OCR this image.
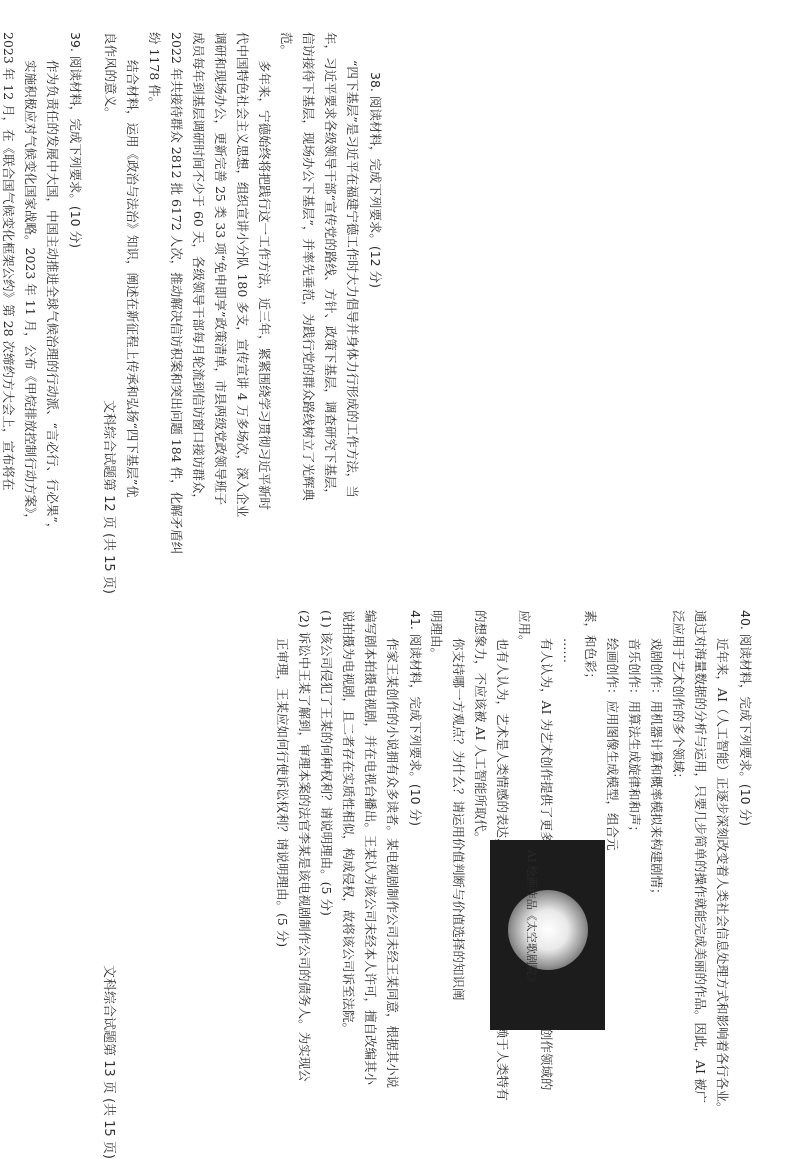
38. 阅读材料，完成下列要求。(12 分)
“四下基层”是习近平在福建宁德工作时大力倡导并身体力行形成的工作方法，当
年，习近平要求各级领导干部“宣传党的路线、方针、政策下基层，调查研究下基层，
信访接待下基层，现场办公下基层”，并率先垂范，为践行党的群众路线树立了光辉典
范。
多年来，宁德始终将把践行这一工作方法，近三年，紧紧围绕学习贯彻习近平新时
代中国特色社会主义思想，组织宣讲小分队 180 多支，宣传宣讲 4 万多场次，深入企业
调研和现场办公，更新完善 25 类 33 项“免申即享”政策清单，市县两级党政领导班子
成员每年到基层调研时间不少于 60 天，各级领导干部每月轮流到信访窗口接访群众，
2022 年共接待群众 2812 批 6172 人次，推动解决信访积案和突出问题 184 件，化解矛盾纠
纷 1178 件。
结合材料，运用《政治与法治》知识，阐述在新征程上传承和弘扬“四下基层”优
良作风的意义。
39. 阅读材料，完成下列要求。(10 分)
作为负责任的发展中大国，中国主动推进全球气候治理的行动派、“言必行、行必果”，
实施积极应对气候变化国家战略。2023 年 11 月，公布《甲烷排放控制行动方案》，
2023 年 12 月，在《联合国气候变化框架公约》第 28 次缔约方大会上，宣布将在
文科综合试题第 12 页 (共 15 页)
40. 阅读材料，完成下列要求。(10 分)
近年来，AI（人工智能）正逐步深刻改变着人类社会信息处理方式和影响着各行各业。
通过对海量数据的分析与运用，只要几步简单的操作就能完成美丽的作品。因此，AI 被广
泛应用于艺术创作的多个领域：
戏剧创作：用机器计算和概率模拟来构建剧情；
音乐创作：用算法生成旋律和和声；
绘画创作：应用图像生成模型，组合元
素，和色彩；
……
应用。
的想象力，不应该被 AI 人工智能所取代。
你支持哪一方观点？为什么？请运用价值判断与价值选择的知识阐
明理由。
41. 阅读材料，完成下列要求。(10 分)
作家王某创作的小说拥有众多读者。某电视剧制作公司未经王某同意，根据其小说
编写剧本拍摄电视剧，并在电视台播出。王某认为该公司未经本人许可，擅自改编其小
说拍摄为电视剧，且二者存在实质性相似，构成侵权，故将该公司诉至法院。
(1) 该公司侵犯了王某的何种权利？请说明理由。(5 分)
(2) 诉讼中王某了解到，审理本案的法官李某是该电视剧制作公司的债务人。为实现公
正审理，王某应如何行使诉讼权利？请说明理由。(5 分)	AI 绘画作品《太空歌剧院》
文科综合试题第 13 页 (共 15 页)
